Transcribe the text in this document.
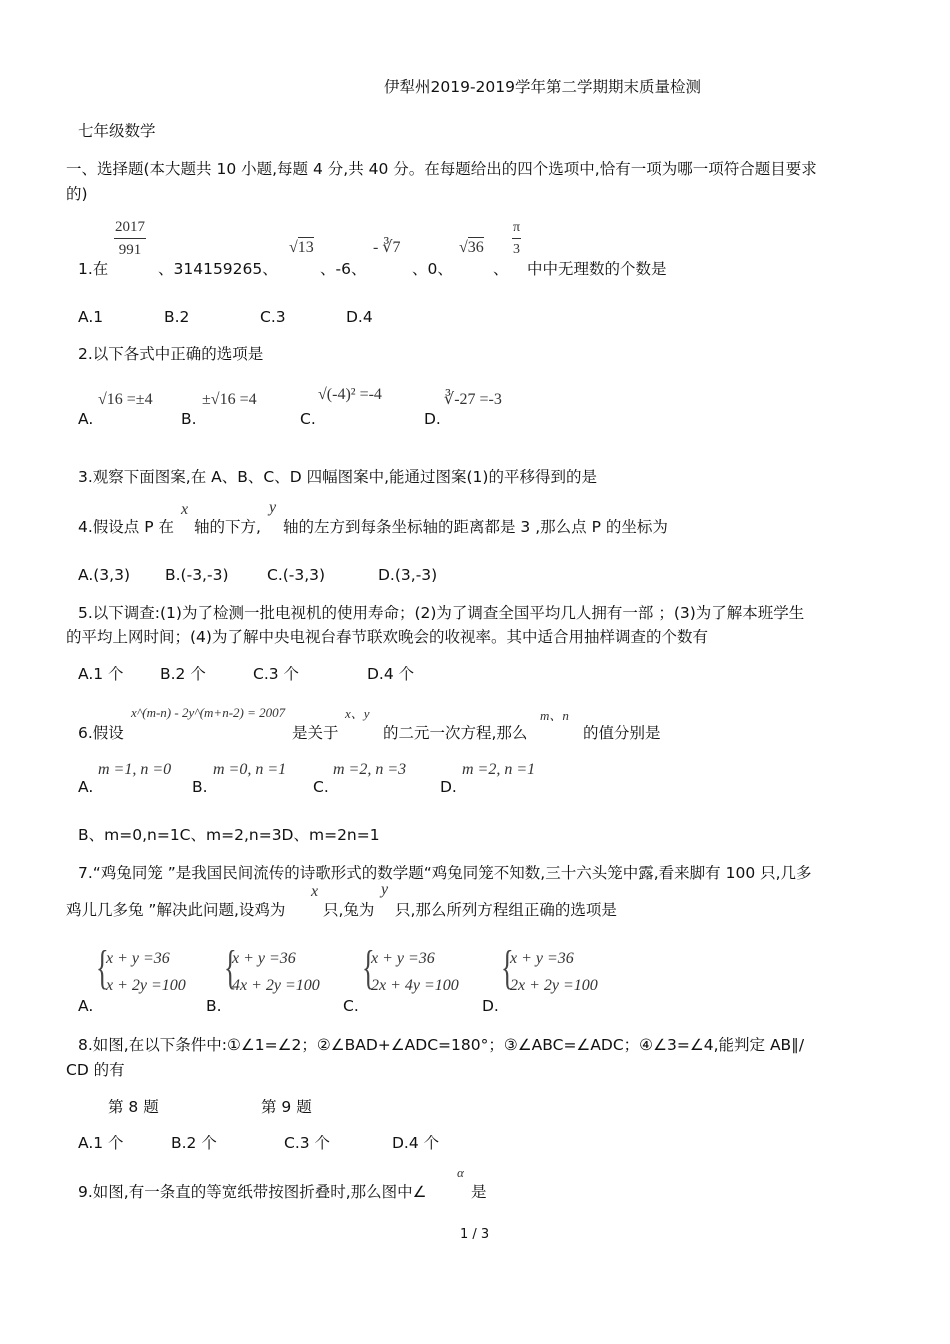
伊犁州2019-2019学年第二学期期末质量检测
七年级数学
一、选择题(本大题共 10 小题,每题 4 分,共 40 分。在每题给出的四个选项中,恰有一项为哪一项符合题目要求
的)
1.在
$\frac{2017}{991}$
、314159265、
√13
、-6、
- ∛7
、0、
√36
、
$\frac{\pi}{3}$
中中无理数的个数是
A.1	B.2	C.3	D.4
2.以下各式中正确的选项是
√16 =±4
A.
±√16 =4
B.
√(-4)² =-4
C.
∛-27 =-3
D.
3.观察下面图案,在 A、B、C、D 四幅图案中,能通过图案(1)的平移得到的是
4.假设点 P 在
x
轴的下方,
y
轴的左方到每条坐标轴的距离都是 3 ,那么点 P 的坐标为
A.(3,3) B.(-3,-3) C.(-3,3)	D.(3,-3)
5.以下调查:(1)为了检测一批电视机的使用寿命；(2)为了调查全国平均几人拥有一部 ；(3)为了解本班学生
的平均上网时间；(4)为了解中央电视台春节联欢晚会的收视率。其中适合用抽样调查的个数有
A.1 个 B.2 个	C.3 个	D.4 个
6.假设
x^(m-n) - 2y^(m+n-2) = 2007
是关于
x、y
的二元一次方程,那么
m、n
的值分别是
m =1, n =0
A.
m =0, n =1
B.
m =2, n =3
C.
m =2, n =1
D.
B、m=0,n=1C、m=2,n=3D、m=2n=1
7.“鸡兔同笼 ”是我国民间流传的诗歌形式的数学题“鸡兔同笼不知数,三十六头笼中露,看来脚有 100 只,几多
鸡儿几多兔 ”解决此问题,设鸡为
x
只,兔为
y
只,那么所列方程组正确的选项是
A.
{
x + y =36
x + 2y =100
B.
{
x + y =36
4x + 2y =100
C.
{
x + y =36
2x + 4y =100
D.
{
x + y =36
2x + 2y =100
8.如图,在以下条件中:①∠1=∠2；②∠BAD+∠ADC=180°；③∠ABC=∠ADC；④∠3=∠4,能判定 AB∥/
CD 的有
第 8 题	第 9 题
A.1 个	B.2 个	C.3 个	D.4 个
9.如图,有一条直的等宽纸带按图折叠时,那么图中∠
α
是
1 / 3
